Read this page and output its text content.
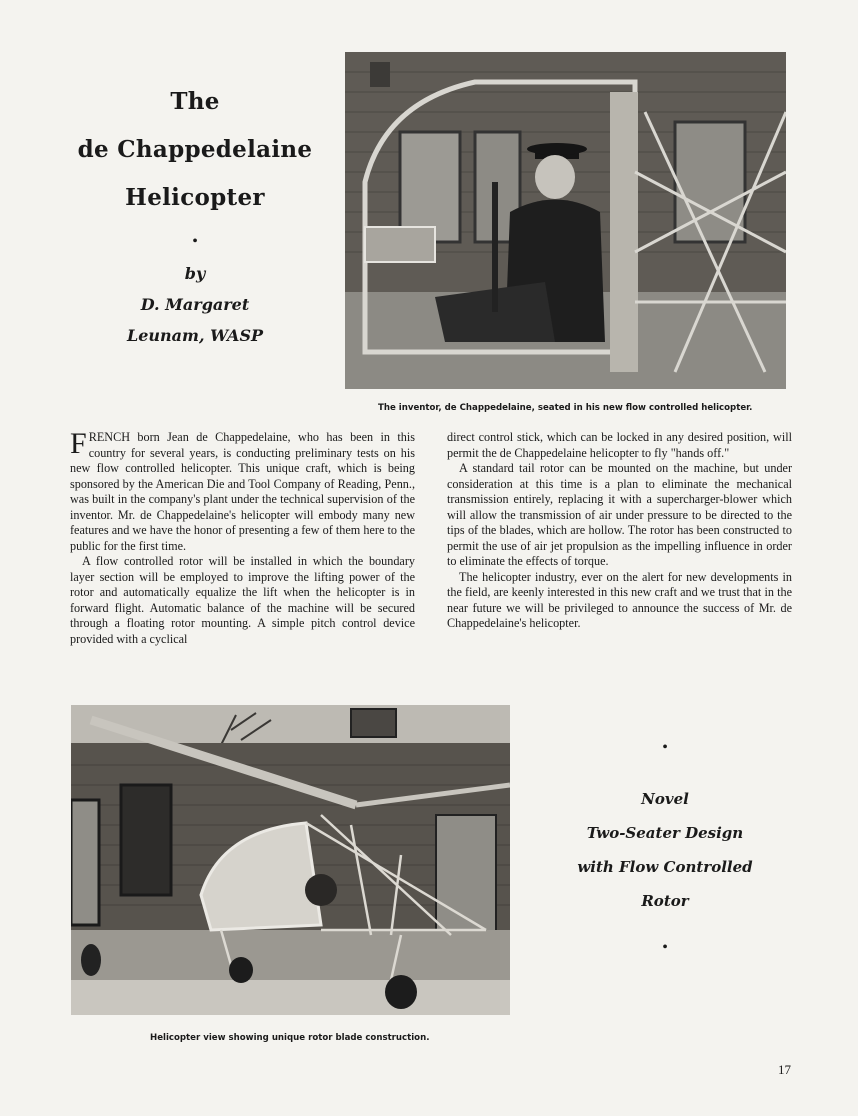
The
de Chappedelaine
Helicopter
•
by
D. Margaret
Leunam, WASP
The inventor, de Chappedelaine, seated in his new flow controlled helicopter.

FRENCH born Jean de Chappedelaine, who has been in this country for several years, is conducting preliminary tests on his new flow controlled helicopter. This unique craft, which is being sponsored by the American Die and Tool Company of Reading, Penn., was built in the company's plant under the technical supervision of the inventor. Mr. de Chappedelaine's helicopter will embody many new features and we have the honor of presenting a few of them here to the public for the first time.

A flow controlled rotor will be installed in which the boundary layer section will be employed to improve the lifting power of the rotor and automatically equalize the lift when the helicopter is in forward flight. Automatic balance of the machine will be secured through a floating rotor mounting. A simple pitch control device provided with a cyclical

direct control stick, which can be locked in any desired position, will permit the de Chappedelaine helicopter to fly "hands off."

A standard tail rotor can be mounted on the machine, but under consideration at this time is a plan to eliminate the mechanical transmission entirely, replacing it with a supercharger-blower which will allow the transmission of air under pressure to be directed to the tips of the blades, which are hollow. The rotor has been constructed to permit the use of air jet propulsion as the impelling influence in order to eliminate the effects of torque.

The helicopter industry, ever on the alert for new developments in the field, are keenly interested in this new craft and we trust that in the near future we will be privileged to announce the success of Mr. de Chappedelaine's helicopter.

Helicopter view showing unique rotor blade construction.
•
Novel
Two-Seater Design
with Flow Controlled
Rotor
•
17
